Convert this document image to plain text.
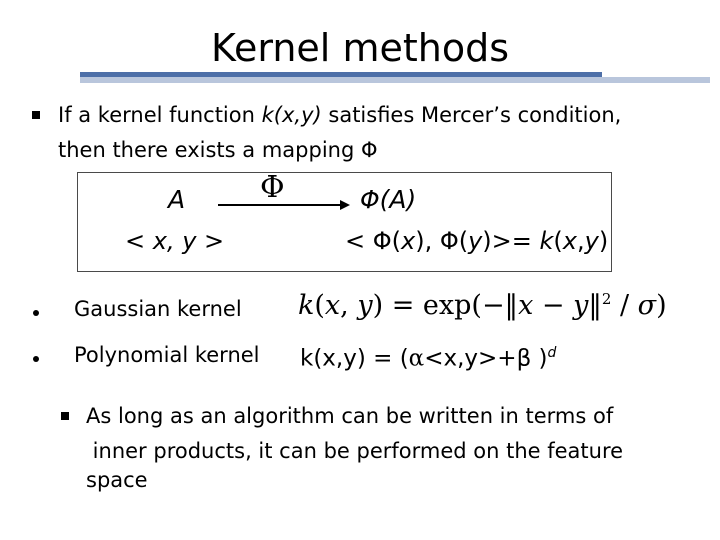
Kernel methods
If a kernel function k(x,y) satisfies Mercer’s condition,
then there exists a mapping Φ
A
< x, y >
Φ	Φ(A)
< Φ(x), Φ(y)>= k(x,y)
Gaussian kernel k(x, y) = exp(−‖x − y‖$^2$ / σ)
Polynomial kernel k(x,y) = (α<x,y>+β )$^d$
As long as an algorithm can be written in terms of
inner products, it can be performed on the feature
space
